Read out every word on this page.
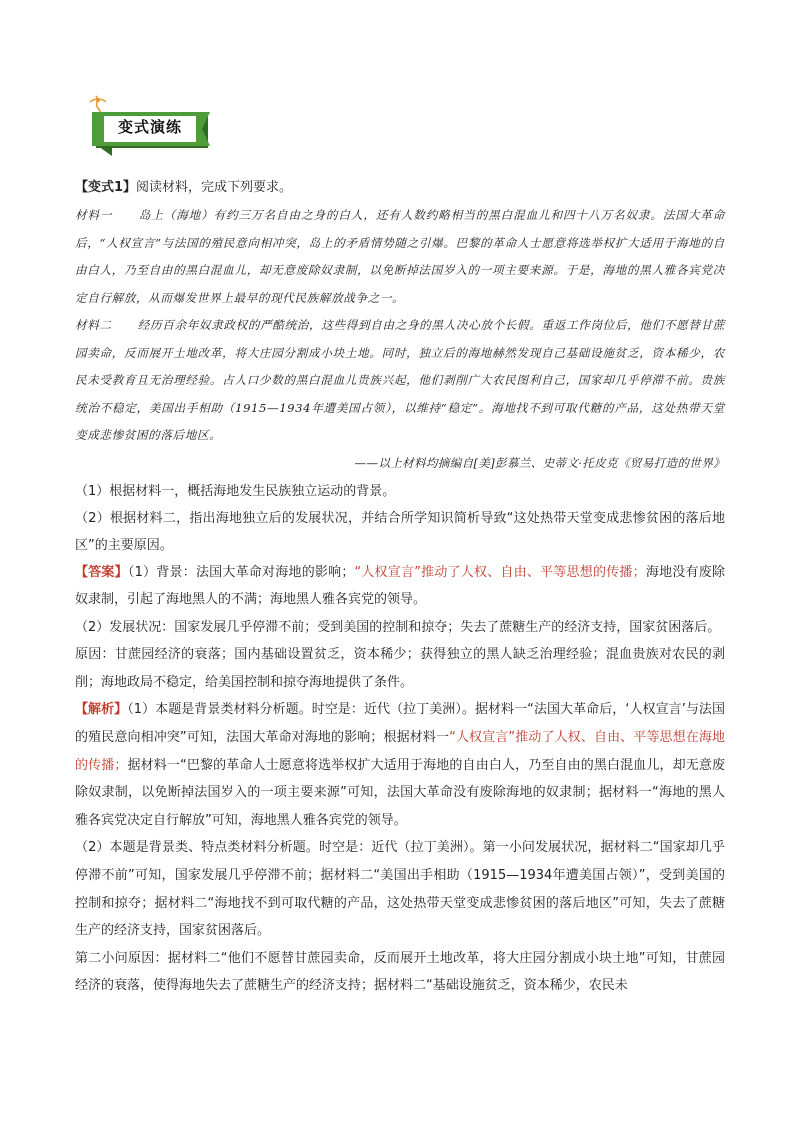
变式演练

【变式1】阅读材料，完成下列要求。

材料一 岛上（海地）有约三万名自由之身的白人，还有人数约略相当的黑白混血儿和四十八万名奴隶。法国大革命后，“人权宣言”与法国的殖民意向相冲突，岛上的矛盾情势随之引爆。巴黎的革命人士愿意将选举权扩大适用于海地的自由白人，乃至自由的黑白混血儿，却无意废除奴隶制，以免断掉法国岁入的一项主要来源。于是，海地的黑人雅各宾党决定自行解放，从而爆发世界上最早的现代民族解放战争之一。

材料二 经历百余年奴隶政权的严酷统治，这些得到自由之身的黑人决心放个长假。重返工作岗位后，他们不愿替甘蔗园卖命，反而展开土地改革，将大庄园分割成小块土地。同时，独立后的海地赫然发现自己基础设施贫乏，资本稀少，农民未受教育且无治理经验。占人口少数的黑白混血儿贵族兴起，他们剥削广大农民图利自己，国家却几乎停滞不前。贵族统治不稳定，美国出手相助（1915—1934年遭美国占领），以维持“稳定”。海地找不到可取代糖的产品，这处热带天堂变成悲惨贫困的落后地区。

——以上材料均摘编自[美]彭慕兰、史蒂文·托皮克《贸易打造的世界》

（1）根据材料一，概括海地发生民族独立运动的背景。

（2）根据材料二，指出海地独立后的发展状况，并结合所学知识简析导致“这处热带天堂变成悲惨贫困的落后地区”的主要原因。

【答案】（1）背景：法国大革命对海地的影响；“人权宣言”推动了人权、自由、平等思想的传播；海地没有废除奴隶制，引起了海地黑人的不满；海地黑人雅各宾党的领导。

（2）发展状况：国家发展几乎停滞不前；受到美国的控制和掠夺；失去了蔗糖生产的经济支持，国家贫困落后。

原因：甘蔗园经济的衰落；国内基础设置贫乏，资本稀少；获得独立的黑人缺乏治理经验；混血贵族对农民的剥削；海地政局不稳定，给美国控制和掠夺海地提供了条件。

【解析】（1）本题是背景类材料分析题。时空是：近代（拉丁美洲）。据材料一“法国大革命后，‘人权宣言’与法国的殖民意向相冲突”可知，法国大革命对海地的影响；根据材料一“人权宣言”推动了人权、自由、平等思想在海地的传播；据材料一“巴黎的革命人士愿意将选举权扩大适用于海地的自由白人，乃至自由的黑白混血儿，却无意废除奴隶制，以免断掉法国岁入的一项主要来源”可知，法国大革命没有废除海地的奴隶制；据材料一“海地的黑人雅各宾党决定自行解放”可知，海地黑人雅各宾党的领导。

（2）本题是背景类、特点类材料分析题。时空是：近代（拉丁美洲）。第一小问发展状况，据材料二“国家却几乎停滞不前”可知，国家发展几乎停滞不前；据材料二“美国出手相助（1915—1934年遭美国占领）”，受到美国的控制和掠夺；据材料二“海地找不到可取代糖的产品，这处热带天堂变成悲惨贫困的落后地区”可知，失去了蔗糖生产的经济支持，国家贫困落后。

第二小问原因：据材料二“他们不愿替甘蔗园卖命，反而展开土地改革，将大庄园分割成小块土地”可知，甘蔗园经济的衰落，使得海地失去了蔗糖生产的经济支持；据材料二“基础设施贫乏，资本稀少，农民未
